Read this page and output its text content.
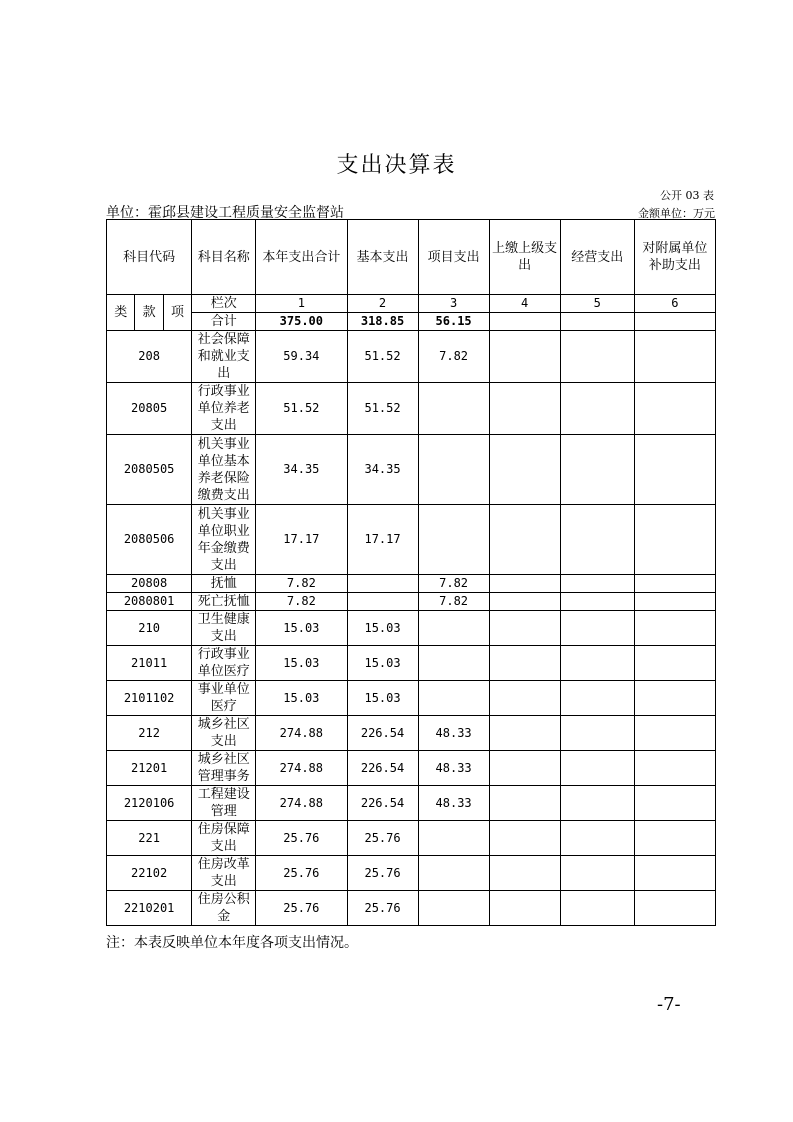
支出决算表
公开 03 表
单位：霍邱县建设工程质量安全监督站	金额单位：万元
科目代码			科目名称	本年支出合计	基本支出	项目支出	上缴上级支出	经营支出	对附属单位补助支出
类	款	项	栏次	1	2	3	4	5	6
			合计	375.00	318.85	56.15			
208			社会保障和就业支出	59.34	51.52	7.82			
20805			行政事业单位养老支出	51.52	51.52				
2080505			机关事业单位基本养老保险缴费支出	34.35	34.35				
2080506			机关事业单位职业年金缴费支出	17.17	17.17				
20808			抚恤	7.82		7.82			
2080801			死亡抚恤	7.82		7.82			
210			卫生健康支出	15.03	15.03				
21011			行政事业单位医疗	15.03	15.03				
2101102			事业单位医疗	15.03	15.03				
212			城乡社区支出	274.88	226.54	48.33			
21201			城乡社区管理事务	274.88	226.54	48.33			
2120106			工程建设管理	274.88	226.54	48.33			
221			住房保障支出	25.76	25.76				
22102			住房改革支出	25.76	25.76				
2210201			住房公积金	25.76	25.76				
注：本表反映单位本年度各项支出情况。
-7-
